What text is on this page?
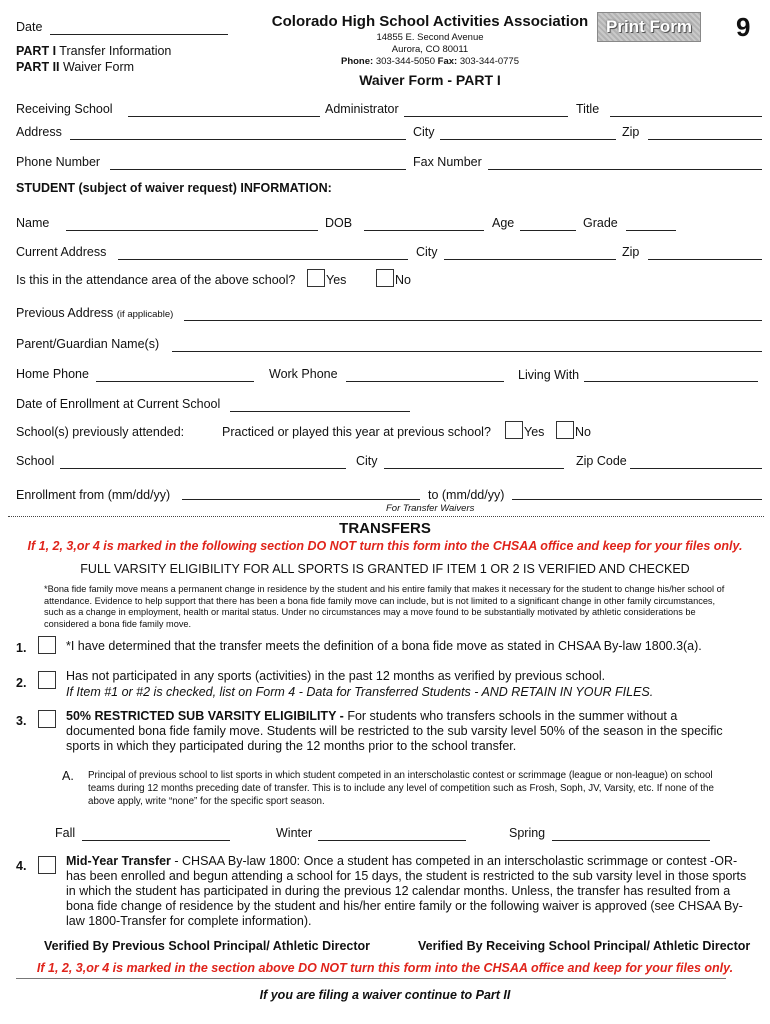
Date
PART I Transfer Information
PART II Waiver Form
Colorado High School Activities Association
14855 E. Second Avenue
Aurora, CO 80011
Phone: 303-344-5050 Fax: 303-344-0775
Waiver Form - PART I
Print Form	9
Receiving School	Administrator	Title
Address	City	Zip
Phone Number	Fax Number
STUDENT (subject of waiver request) INFORMATION:
Name	DOB	Age	Grade
Current Address	City	Zip
Is this in the attendance area of the above school? Yes	No
Previous Address (if applicable)
Parent/Guardian Name(s)
Home Phone	Work Phone	Living With
Date of Enrollment at Current School
School(s) previously attended:	Practiced or played this year at previous school?	Yes No
School	City	Zip Code
Enrollment from (mm/dd/yy)	to (mm/dd/yy)
For Transfer Waivers
TRANSFERS
If 1, 2, 3,or 4 is marked in the following section DO NOT turn this form into the CHSAA office and keep for your files only.
FULL VARSITY ELIGIBILITY FOR ALL SPORTS IS GRANTED IF ITEM 1 OR 2 IS VERIFIED AND CHECKED
*Bona fide family move means a permanent change in residence by the student and his entire family that makes it necessary for the student to change his/her school of attendance. Evidence to help support that there has been a bona fide family move can include, but is not limited to a significant change in other family circumstances, such as a change in employment, health or marital status. Under no circumstances may a move found to be substantially motivated by athletic considerations be considered a bona fide family move.
1.	*I have determined that the transfer meets the definition of a bona fide move as stated in CHSAA By-law 1800.3(a).
2.	Has not participated in any sports (activities) in the past 12 months as verified by previous school.
If Item #1 or #2 is checked, list on Form 4 - Data for Transferred Students - AND RETAIN IN YOUR FILES.
3.	50% RESTRICTED SUB VARSITY ELIGIBILITY - For students who transfers schools in the summer without a documented bona fide family move. Students will be restricted to the sub varsity level 50% of the season in the specific sports in which they participated during the 12 months prior to the school transfer.
A. Principal of previous school to list sports in which student competed in an interscholastic contest or scrimmage (league or non-league) on school teams during 12 months preceding date of transfer. This is to include any level of competition such as Frosh, Soph, JV, Varsity, etc. If none of the above apply, write “none” for the specific sport season.
Fall	Winter	Spring
4.	Mid-Year Transfer - CHSAA By-law 1800: Once a student has competed in an interscholastic scrimmage or contest -OR- has been enrolled and begun attending a school for 15 days, the student is restricted to the sub varsity level in those sports in which the student has participated in during the previous 12 calendar months. Unless, the transfer has resulted from a bona fide change of residence by the student and his/her entire family or the following waiver is approved (see CHSAA By-law 1800-Transfer for complete information).
Verified By Previous School Principal/ Athletic Director	Verified By Receiving School Principal/ Athletic Director
If 1, 2, 3,or 4 is marked in the section above DO NOT turn this form into the CHSAA office and keep for your files only.
If you are filing a waiver continue to Part II
